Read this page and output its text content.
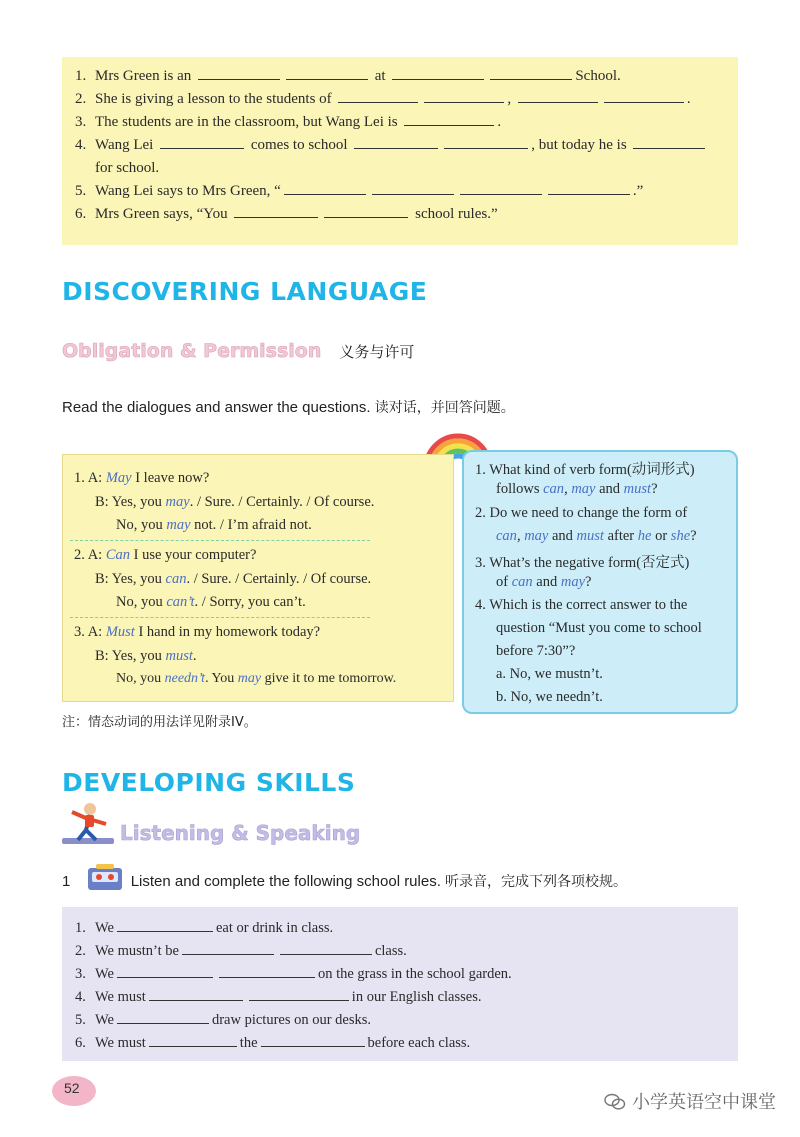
1. Mrs Green is an	at	School.
2. She is giving a lesson to the students of	,	.
3. The students are in the classroom, but Wang Lei is	.
4. Wang Lei	comes to school	, but today he is
for school.
5. Wang Lei says to Mrs Green, “	.”
6. Mrs Green says, “You	school rules.”
DISCOVERING LANGUAGE
Obligation & Permission 义务与许可
Read the dialogues and answer the questions. 读对话，并回答问题。
1. A: May I leave now?
B: Yes, you may. / Sure. / Certainly. / Of course.
No, you may not. / I’m afraid not.
2. A: Can I use your computer?
B: Yes, you can. / Sure. / Certainly. / Of course.
No, you can’t. / Sorry, you can’t.
3. A: Must I hand in my homework today?
B: Yes, you must.
No, you needn’t. You may give it to me tomorrow.
1. What kind of verb form(动词形式)
follows can, may and must?
2. Do we need to change the form of
can, may and must after he or she?
3. What’s the negative form(否定式)
of can and may?
4. Which is the correct answer to the
question “Must you come to school
before 7:30”?
a. No, we mustn’t.
b. No, we needn’t.
注：情态动词的用法详见附录IV。
DEVELOPING SKILLS
Listening & Speaking
1	Listen and complete the following school rules. 听录音，完成下列各项校规。
1. We	eat or drink in class.
2. We mustn’t be	class.
3. We	on the grass in the school garden.
4. We must	in our English classes.
5. We	draw pictures on our desks.
6. We must	the	before each class.
52
小学英语空中课堂
